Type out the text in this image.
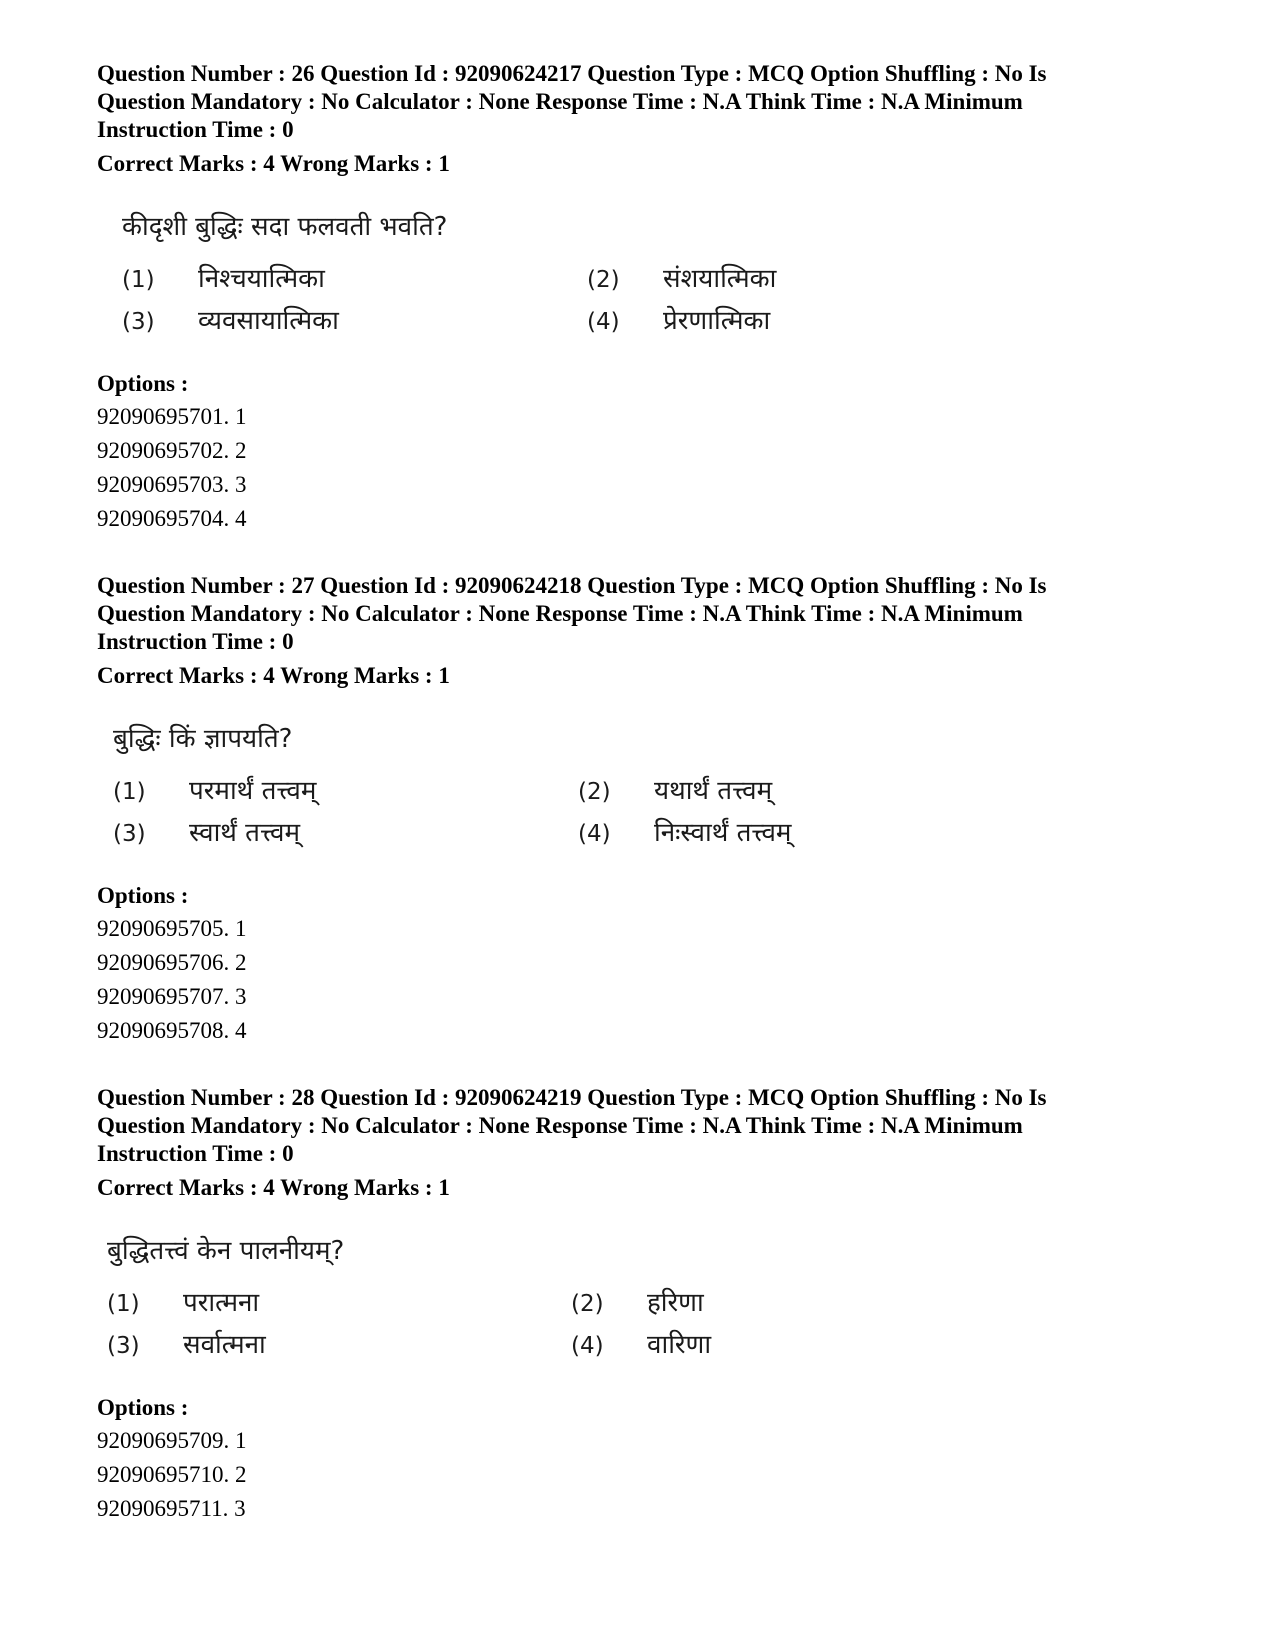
Question Number : 26 Question Id : 92090624217 Question Type : MCQ Option Shuffling : No Is Question Mandatory : No Calculator : None Response Time : N.A Think Time : N.A Minimum Instruction Time : 0

Correct Marks : 4 Wrong Marks : 1
कीदृशी बुद्धिः सदा फलवती भवति?
(1) निश्चयात्मिका	(2) संशयात्मिका
(3) व्यवसायात्मिका	(4) प्रेरणात्मिका
Options :
92090695701. 1
92090695702. 2
92090695703. 3
92090695704. 4

Question Number : 27 Question Id : 92090624218 Question Type : MCQ Option Shuffling : No Is Question Mandatory : No Calculator : None Response Time : N.A Think Time : N.A Minimum Instruction Time : 0

Correct Marks : 4 Wrong Marks : 1
बुद्धिः किं ज्ञापयति?
(1) परमार्थं तत्त्वम्	(2) यथार्थं तत्त्वम्
(3) स्वार्थं तत्त्वम्	(4) निःस्वार्थं तत्त्वम्
Options :
92090695705. 1
92090695706. 2
92090695707. 3
92090695708. 4

Question Number : 28 Question Id : 92090624219 Question Type : MCQ Option Shuffling : No Is Question Mandatory : No Calculator : None Response Time : N.A Think Time : N.A Minimum Instruction Time : 0

Correct Marks : 4 Wrong Marks : 1
बुद्धितत्त्वं केन पालनीयम्?
(1) परात्मना	(2) हरिणा
(3) सर्वात्मना	(4) वारिणा
Options :
92090695709. 1
92090695710. 2
92090695711. 3
